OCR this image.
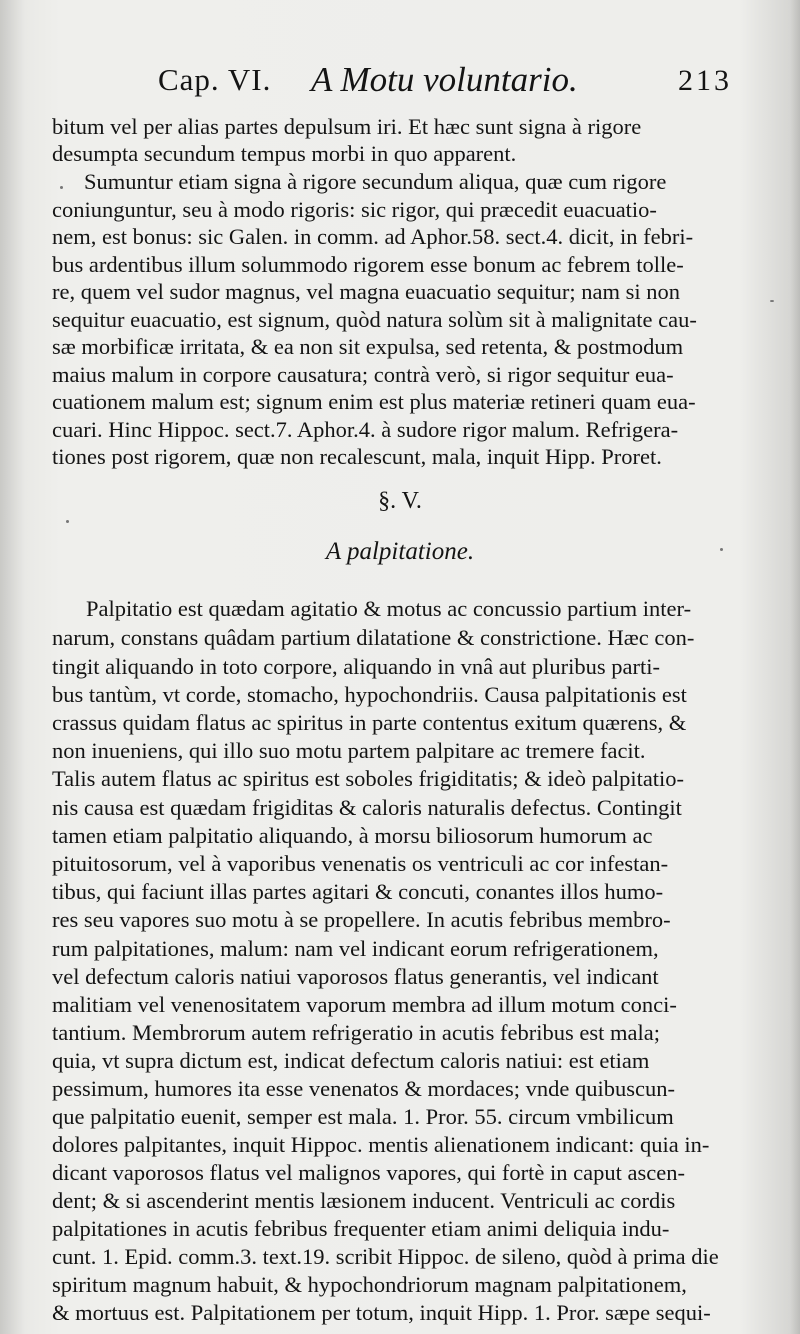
Cap. VI. A Motu voluntario.	213
bitum vel per alias partes depulsum iri. Et hæc sunt signa à rigore
desumpta secundum tempus morbi in quo apparent.
Sumuntur etiam signa à rigore secundum aliqua, quæ cum rigore
coniunguntur, seu à modo rigoris: sic rigor, qui præcedit euacuatio-
nem, est bonus: sic Galen. in comm. ad Aphor.58. sect.4. dicit, in febri-
bus ardentibus illum solummodo rigorem esse bonum ac febrem tolle-
re, quem vel sudor magnus, vel magna euacuatio sequitur; nam si non
sequitur euacuatio, est signum, quòd natura solùm sit à malignitate cau-
sæ morbificæ irritata, & ea non sit expulsa, sed retenta, & postmodum
maius malum in corpore causatura; contrà verò, si rigor sequitur eua-
cuationem malum est; signum enim est plus materiæ retineri quam eua-
cuari. Hinc Hippoc. sect.7. Aphor.4. à sudore rigor malum. Refrigera-
tiones post rigorem, quæ non recalescunt, mala, inquit Hipp. Proret.
§. V.
A palpitatione.
Palpitatio est quædam agitatio & motus ac concussio partium inter-
narum, constans quâdam partium dilatatione & constrictione. Hæc con-
tingit aliquando in toto corpore, aliquando in vnâ aut pluribus parti-
bus tantùm, vt corde, stomacho, hypochondriis. Causa palpitationis est
crassus quidam flatus ac spiritus in parte contentus exitum quærens, &
non inueniens, qui illo suo motu partem palpitare ac tremere facit.
Talis autem flatus ac spiritus est soboles frigiditatis; & ideò palpitatio-
nis causa est quædam frigiditas & caloris naturalis defectus. Contingit
tamen etiam palpitatio aliquando, à morsu biliosorum humorum ac
pituitosorum, vel à vaporibus venenatis os ventriculi ac cor infestan-
tibus, qui faciunt illas partes agitari & concuti, conantes illos humo-
res seu vapores suo motu à se propellere. In acutis febribus membro-
rum palpitationes, malum: nam vel indicant eorum refrigerationem,
vel defectum caloris natiui vaporosos flatus generantis, vel indicant
malitiam vel venenositatem vaporum membra ad illum motum conci-
tantium. Membrorum autem refrigeratio in acutis febribus est mala;
quia, vt supra dictum est, indicat defectum caloris natiui: est etiam
pessimum, humores ita esse venenatos & mordaces; vnde quibuscun-
que palpitatio euenit, semper est mala. 1. Pror. 55. circum vmbilicum
dolores palpitantes, inquit Hippoc. mentis alienationem indicant: quia in-
dicant vaporosos flatus vel malignos vapores, qui fortè in caput ascen-
dent; & si ascenderint mentis læsionem inducent. Ventriculi ac cordis
palpitationes in acutis febribus frequenter etiam animi deliquia indu-
cunt. 1. Epid. comm.3. text.19. scribit Hippoc. de sileno, quòd à prima die
spiritum magnum habuit, & hypochondriorum magnam palpitationem,
& mortuus est. Palpitationem per totum, inquit Hipp. 1. Pror. sæpe sequi-
